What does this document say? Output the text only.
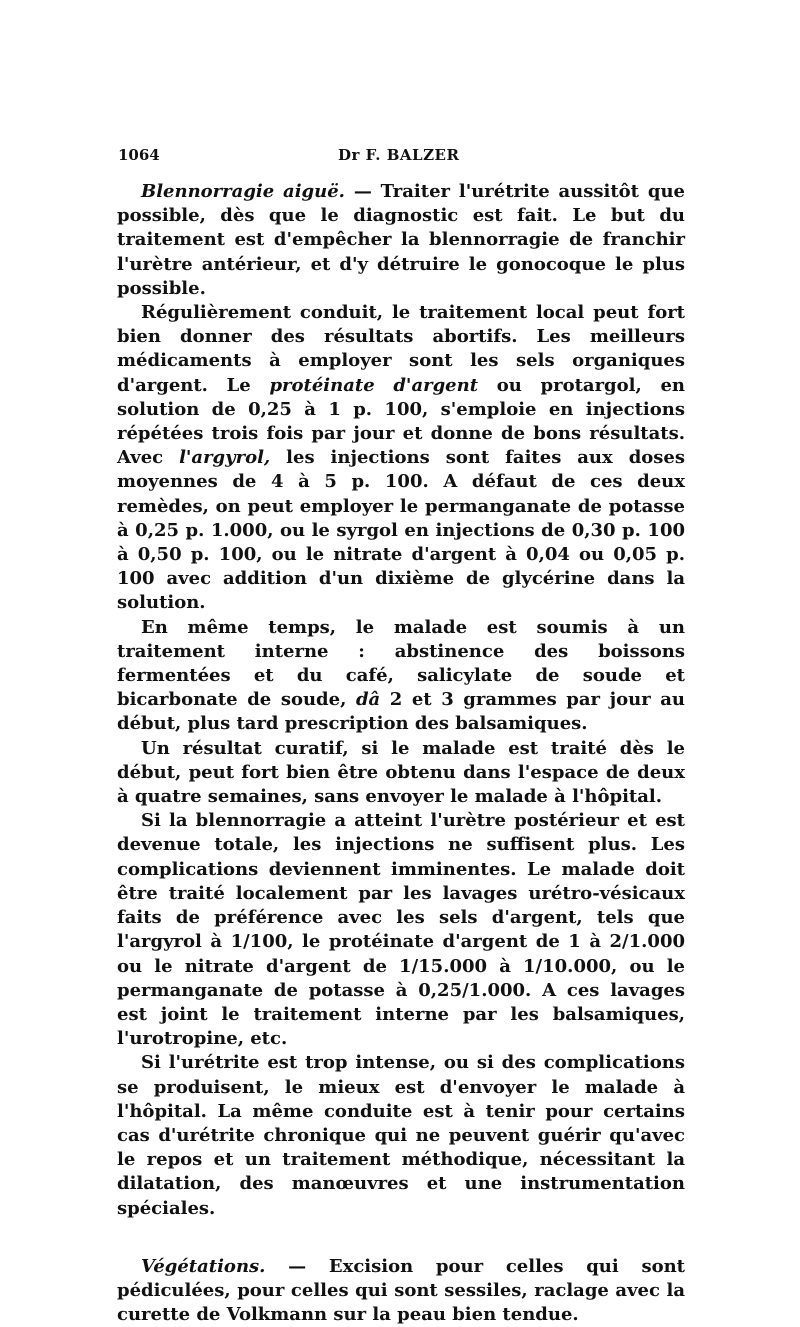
1064	Dr F. BALZER

Blennorragie aiguë. — Traiter l'urétrite aussitôt que possible, dès que le diagnostic est fait. Le but du traitement est d'empêcher la blennorragie de franchir l'urètre antérieur, et d'y détruire le gonocoque le plus possible.

Régulièrement conduit, le traitement local peut fort bien donner des résultats abortifs. Les meilleurs médicaments à employer sont les sels organiques d'argent. Le protéinate d'argent ou protargol, en solution de 0,25 à 1 p. 100, s'emploie en injections répétées trois fois par jour et donne de bons résultats. Avec l'argyrol, les injections sont faites aux doses moyennes de 4 à 5 p. 100. A défaut de ces deux remèdes, on peut employer le permanganate de potasse à 0,25 p. 1.000, ou le syrgol en injections de 0,30 p. 100 à 0,50 p. 100, ou le nitrate d'argent à 0,04 ou 0,05 p. 100 avec addition d'un dixième de glycérine dans la solution.

En même temps, le malade est soumis à un traitement interne : abstinence des boissons fermentées et du café, salicylate de soude et bicarbonate de soude, dâ 2 et 3 grammes par jour au début, plus tard prescription des balsamiques.

Un résultat curatif, si le malade est traité dès le début, peut fort bien être obtenu dans l'espace de deux à quatre semaines, sans envoyer le malade à l'hôpital.

Si la blennorragie a atteint l'urètre postérieur et est devenue totale, les injections ne suffisent plus. Les complications deviennent imminentes. Le malade doit être traité localement par les lavages urétro-vésicaux faits de préférence avec les sels d'argent, tels que l'argyrol à 1/100, le protéinate d'argent de 1 à 2/1.000 ou le nitrate d'argent de 1/15.000 à 1/10.000, ou le permanganate de potasse à 0,25/1.000. A ces lavages est joint le traitement interne par les balsamiques, l'urotropine, etc.

Si l'urétrite est trop intense, ou si des complications se produisent, le mieux est d'envoyer le malade à l'hôpital. La même conduite est à tenir pour certains cas d'urétrite chronique qui ne peuvent guérir qu'avec le repos et un traitement méthodique, nécessitant la dilatation, des manœuvres et une instrumentation spéciales.

Végétations. — Excision pour celles qui sont pédiculées, pour celles qui sont sessiles, raclage avec la curette de Volkmann sur la peau bien tendue.
